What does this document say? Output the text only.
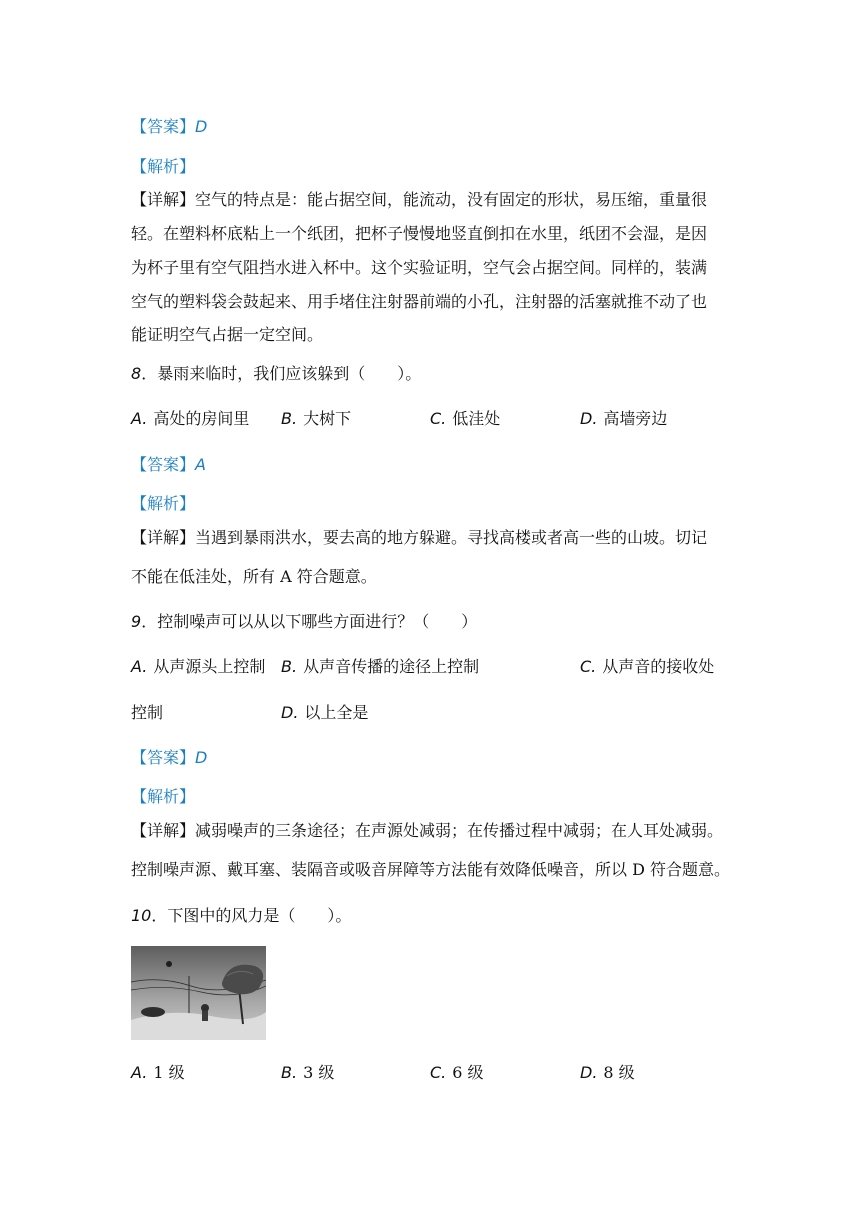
【答案】D
【解析】
【详解】空气的特点是：能占据空间，能流动，没有固定的形状，易压缩，重量很
轻。在塑料杯底粘上一个纸团，把杯子慢慢地竖直倒扣在水里，纸团不会湿，是因
为杯子里有空气阻挡水进入杯中。这个实验证明，空气会占据空间。同样的，装满
空气的塑料袋会鼓起来、用手堵住注射器前端的小孔，注射器的活塞就推不动了也
能证明空气占据一定空间。
8．暴雨来临时，我们应该躲到（　　）。
A. 高处的房间里 B. 大树下	C. 低洼处	D. 高墙旁边
【答案】A
【解析】
【详解】当遇到暴雨洪水，要去高的地方躲避。寻找高楼或者高一些的山坡。切记
不能在低洼处，所有 A 符合题意。
9．控制噪声可以从以下哪些方面进行？（　　）
A. 从声源头上控制 B. 从声音传播的途径上控制	C. 从声音的接收处
控制	D. 以上全是
【答案】D
【解析】
【详解】减弱噪声的三条途径；在声源处减弱；在传播过程中减弱；在人耳处减弱。
控制噪声源、戴耳塞、装隔音或吸音屏障等方法能有效降低噪音，所以 D 符合题意。
10．下图中的风力是（　　）。
A. 1 级	B. 3 级	C. 6 级	D. 8 级
